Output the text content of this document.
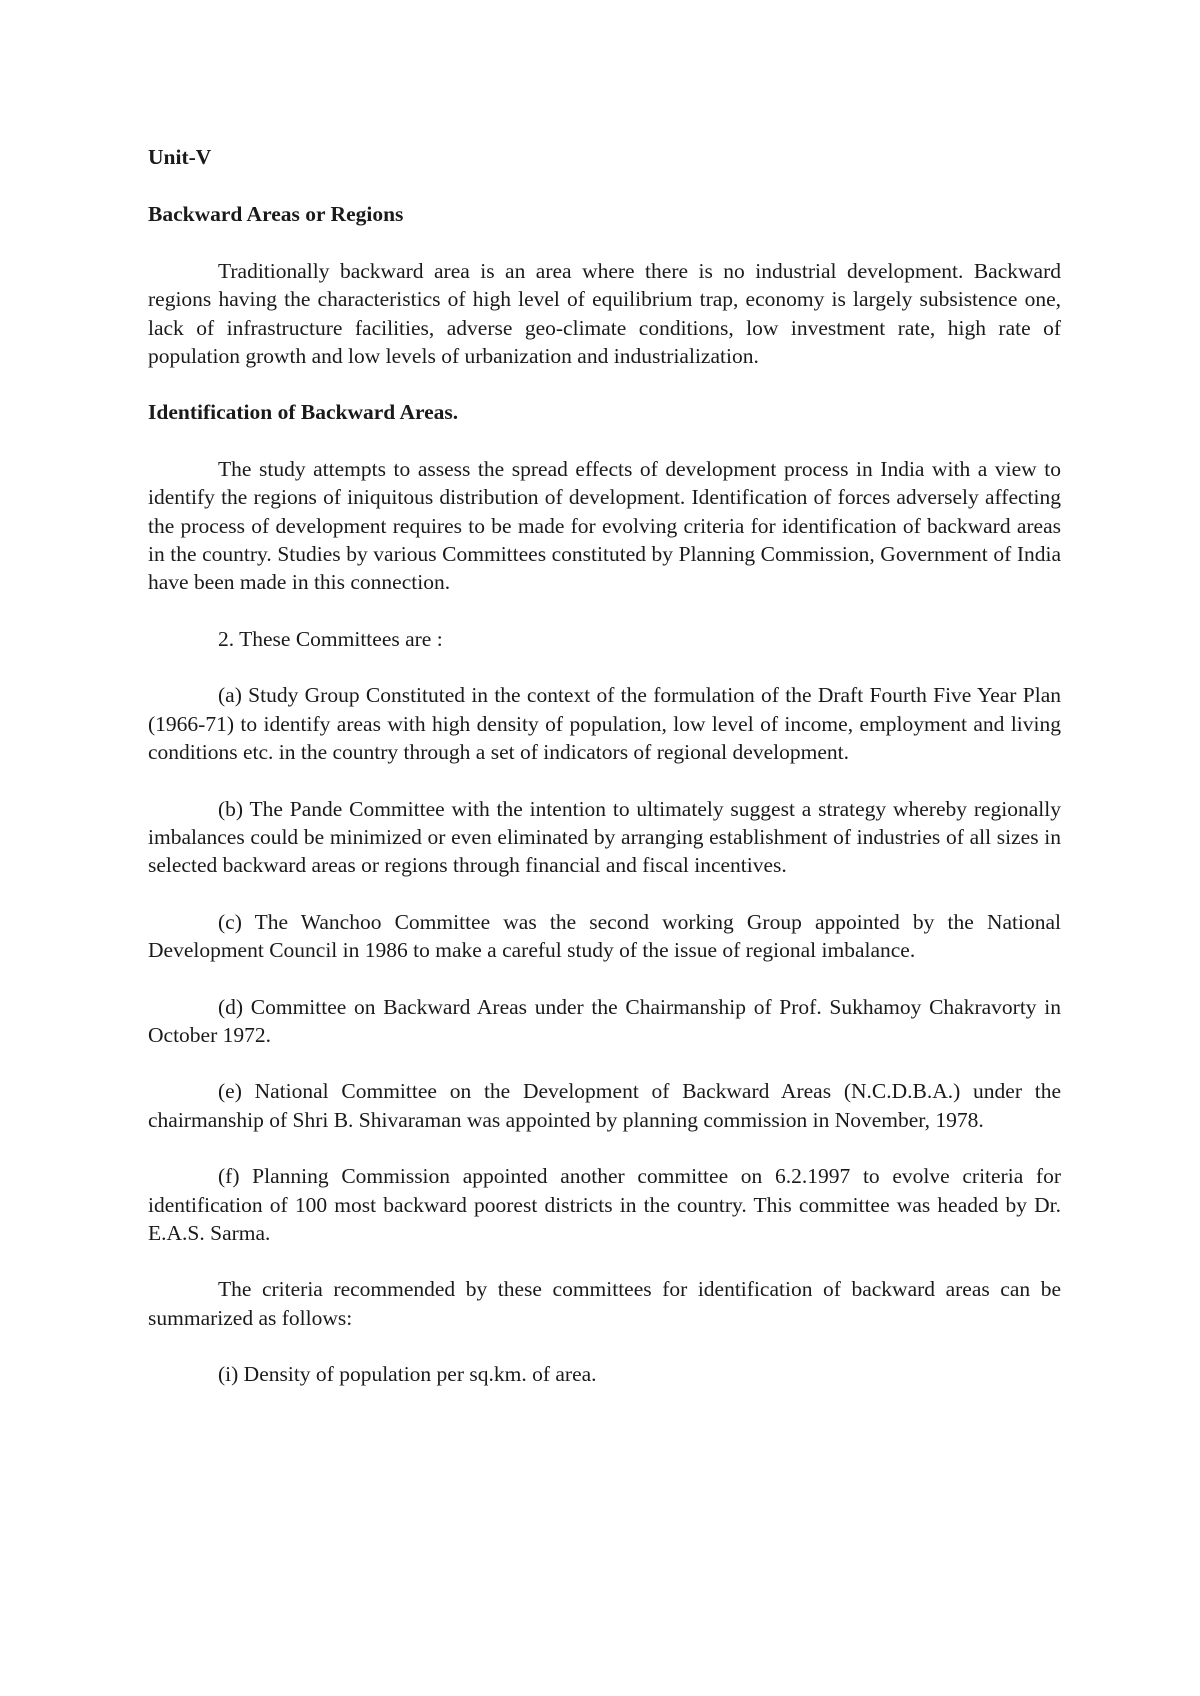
Unit-V

Backward Areas or Regions

Traditionally backward area is an area where there is no industrial development. Backward regions having the characteristics of high level of equilibrium trap, economy is largely subsistence one, lack of infrastructure facilities, adverse geo-climate conditions, low investment rate, high rate of population growth and low levels of urbanization and industrialization.

Identification of Backward Areas.

The study attempts to assess the spread effects of development process in India with a view to identify the regions of iniquitous distribution of development. Identification of forces adversely affecting the process of development requires to be made for evolving criteria for identification of backward areas in the country. Studies by various Committees constituted by Planning Commission, Government of India have been made in this connection.

2. These Committees are :

(a) Study Group Constituted in the context of the formulation of the Draft Fourth Five Year Plan (1966-71) to identify areas with high density of population, low level of income, employment and living conditions etc. in the country through a set of indicators of regional development.

(b) The Pande Committee with the intention to ultimately suggest a strategy whereby regionally imbalances could be minimized or even eliminated by arranging establishment of industries of all sizes in selected backward areas or regions through financial and fiscal incentives.

(c) The Wanchoo Committee was the second working Group appointed by the National Development Council in 1986 to make a careful study of the issue of regional imbalance.

(d) Committee on Backward Areas under the Chairmanship of Prof. Sukhamoy Chakravorty in October 1972.

(e) National Committee on the Development of Backward Areas (N.C.D.B.A.) under the chairmanship of Shri B. Shivaraman was appointed by planning commission in November, 1978.

(f) Planning Commission appointed another committee on 6.2.1997 to evolve criteria for identification of 100 most backward poorest districts in the country. This committee was headed by Dr. E.A.S. Sarma.

The criteria recommended by these committees for identification of backward areas can be summarized as follows:

(i) Density of population per sq.km. of area.
